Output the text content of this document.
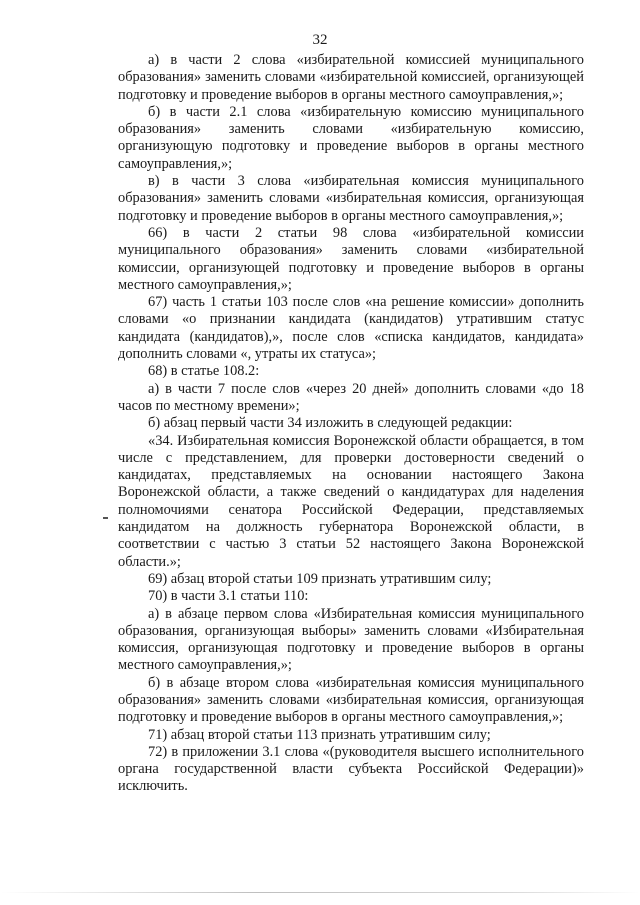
32

а) в части 2 слова «избирательной комиссией муниципального образования» заменить словами «избирательной комиссией, организующей подготовку и проведение выборов в органы местного самоуправления,»;

б) в части 2.1 слова «избирательную комиссию муниципального образования» заменить словами «избирательную комиссию, организующую подготовку и проведение выборов в органы местного самоуправления,»;

в) в части 3 слова «избирательная комиссия муниципального образования» заменить словами «избирательная комиссия, организующая подготовку и проведение выборов в органы местного самоуправления,»;

66) в части 2 статьи 98 слова «избирательной комиссии муниципального образования» заменить словами «избирательной комиссии, организующей подготовку и проведение выборов в органы местного самоуправления,»;

67) часть 1 статьи 103 после слов «на решение комиссии» дополнить словами «о признании кандидата (кандидатов) утратившим статус кандидата (кандидатов),», после слов «списка кандидатов, кандидата» дополнить словами «, утраты их статуса»;

68) в статье 108.2:

а) в части 7 после слов «через 20 дней» дополнить словами «до 18 часов по местному времени»;

б) абзац первый части 34 изложить в следующей редакции:

«34. Избирательная комиссия Воронежской области обращается, в том числе с представлением, для проверки достоверности сведений о кандидатах, представляемых на основании настоящего Закона Воронежской области, а также сведений о кандидатурах для наделения полномочиями сенатора Российской Федерации, представляемых кандидатом на должность губернатора Воронежской области, в соответствии с частью 3 статьи 52 настоящего Закона Воронежской области.»;

69) абзац второй статьи 109 признать утратившим силу;

70) в части 3.1 статьи 110:

а) в абзаце первом слова «Избирательная комиссия муниципального образования, организующая выборы» заменить словами «Избирательная комиссия, организующая подготовку и проведение выборов в органы местного самоуправления,»;

б) в абзаце втором слова «избирательная комиссия муниципального образования» заменить словами «избирательная комиссия, организующая подготовку и проведение выборов в органы местного самоуправления,»;

71) абзац второй статьи 113 признать утратившим силу;

72) в приложении 3.1 слова «(руководителя высшего исполнительного органа государственной власти субъекта Российской Федерации)» исключить.
